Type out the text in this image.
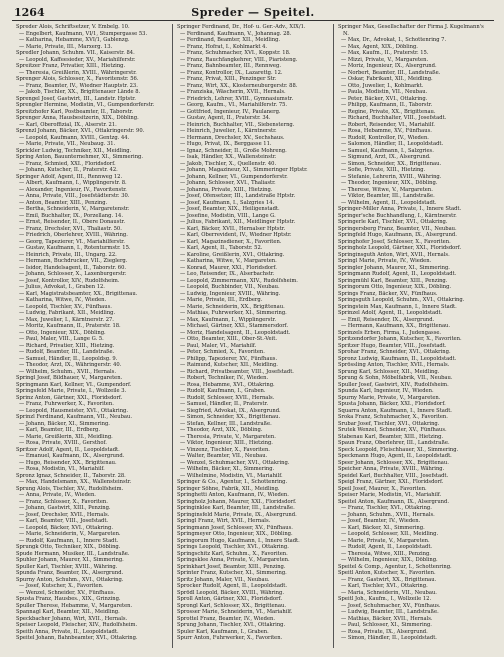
1264	Spreder — Speitel.
Spreder Alois, Schriftsetzer, V. Embelg. 10.
— Engelbert, Kaufmann, VI/1, Stumpergasse 53.
— Katharina, Hebamme, XVI/1, Gablenzg.
— Marie, Private, III., Marxerg. 13.
Spredler Johann, Schuhm. VII., Kaiserstr. 84.
— Leopold, Kaffeesieder, XV., Mariahilferstr.
Spreitzer Franz, Privatier, XIII., Hietzing.
— Theresia, Greißlerin, XVIII., Währingerstr.
Sprenger Alois, Schlosser, X., Favoritenstr. 56.
— Franz, Beamter, IV., Wiedner Hauptstr. 23.
— Jakob, Tischler, XX., Brigittenauer Lände 8.
Sprengel Josef, Gastwirt, III., Landstr. Hptstr.
Sprengler Hermine, Modistin, VI., Gumpendorferstr.
Spreitzhofer Karl, Postbeamter, II., Taborstr.
Sprenger Anna, Hausbesitzerin, XIX., Döbling.
— Karl, Oberoffizial, IX., Alserstr. 21.
Sprenzl Johann, Bäcker, XVI., Ottakringerstr. 90.
— Leopold, Kaufmann, XVIII., Gentzg. 44.
— Marie, Private, VII., Neubaug. 31.
Sprickler Ludwig, Techniker, XII., Meidling.
Spring Anton, Bauunternehmer, XI., Simmering.
— Franz, Schmied, XXI., Floridsdorf.
— Johann, Kutscher, II., Praterstr. 42.
Springer Adolf, Agent, III., Rennweg 12.
— Albert, Kaufmann, I., Wipplingerstr. 8.
— Alexander, Ingenieur, IV., Favoritenstr.
— Anna, Private, VIII., Josefstädterstr. 30.
— Anton, Beamter, XIII., Penzing.
— Bertha, Schneiderin, V., Margaretenstr.
— Emil, Buchhalter, IX., Porzellang. 14.
— Ernst, Reisender, II., Obere Donaustr.
— Franz, Drechsler, XVI., Thaliastr. 50.
— Friedrich, Oberlehrer, XVIII., Währing.
— Georg, Tapezierer, VI., Mariahilferstr.
— Gustav, Kaufmann, I., Rotenturmstr. 15.
— Heinrich, Private, III., Ungarg. 22.
— Hermann, Buchdrucker, VII., Zieglerg.
— Isidor, Handelsagent, II., Taborstr. 60.
— Johann, Schlosser, X., Laxenburgerstr.
— Josef, Kontrollor, XIV., Rudolfsheim.
— Julius, Advokat, I., Graben 12.
— Karl, Magistratsbeamter, XX., Brigittenau.
— Katharina, Witwe, IV., Wieden.
— Leopold, Tischler, XV., Fünfhaus.
— Ludwig, Fabrikant, XII., Meidling.
— Max, Juwelier, I., Kärntnerstr. 27.
— Moritz, Kaufmann, II., Praterstr. 18.
— Otto, Ingenieur, XIX., Döbling.
— Paul, Maler, VIII., Lange G. 5.
— Richard, Privatier, XIII., Hietzing.
— Rudolf, Beamter, III., Landstraße.
— Samuel, Händler, II., Leopoldsg. 9.
— Theodor, Arzt, IX., Währingerstr. 40.
— Wilhelm, Schuhm., XVII., Hernals.
Springl Josef, Bildhauer, V., Margareten.
Springmann Karl, Kellner, VI., Gumpendorf.
Springsfeld Marie, Private, I., Wollzeile 3.
Sprinz Anton, Gärtner, XXI., Floridsdorf.
— Franz, Fuhrwerker, X., Favoriten.
— Leopold, Hausmeister, XVI., Ottakring.
Sprinzl Ferdinand, Kaufmann, VII., Neubau.
— Johann, Bäcker, XI., Simmering.
— Karl, Beamter, III., Erdberg.
— Marie, Greißlerin, XII., Meidling.
— Rosa, Private, XVIII., Gersthof.
Spritzer Adolf, Agent, II., Leopoldstadt.
— Emanuel, Kaufmann, IX., Alsergrund.
— Hugo, Reisender, XX., Brigittenau.
— Rosa, Modistin, VI., Mariahilf.
Spronz Ignaz, Schneider, II., Taborstr. 28.
— Max, Handelsmann, XX., Wallensteinstr.
Sprung Alois, Tischler, XV., Rudolfsheim.
— Anna, Private, IV., Wieden.
— Franz, Schlosser, X., Favoriten.
— Johann, Gastwirt, XIII., Penzing.
— Josef, Drechsler, XVII., Hernals.
— Karl, Beamter, VIII., Josefstadt.
— Leopold, Bäcker, XVI., Ottakring.
— Marie, Schneiderin, V., Margareten.
— Rudolf, Kaufmann, I., Innere Stadt.
Sprungk Otto, Techniker, XIX., Döbling.
Spude Hermann, Musiker, III., Landstraße.
Spuhler Johann, Maurer, XI., Simmering.
Spuller Karl, Tischler, XVIII., Währing.
Spunda Franz, Beamter, IX., Alsergrund.
Spurny Anton, Schuhm., XVI., Ottakring.
— Josef, Kutscher, X., Favoriten.
— Wenzel, Schneider, XV., Fünfhaus.
Spusta Franz, Hausbes., XIX., Grinzing.
Spuller Therese, Hebamme, V., Margareten.
Spannagl Karl, Beamter, XII., Meidling.
Speckbacher Johann, Wirt, XVII., Hernals.
Speiser Leopold, Fleischer, XIV., Rudolfsheim.
Speith Anna, Private, II., Leopoldstadt.
Speitel Johann, Bahnbeamter, XVI., Ottakring.
Springer Ferdinand, Dr., Hof- u. Ger.-Adv., XIX/1.
— Ferdinand, Kaufmann, V., Johannag. 28.
— Ferdinand, Beamter, XII., Meidling.
— Franz, Hofrat, I., Kohlmarkt 4.
— Franz, Schuhmacher, XVI., Koppstr. 18.
— Franz, Rauchfangkehrer, VIII., Piaristeng.
— Franz, Bahnbeamter, III., Rennweg.
— Franz, Kontrollor, IX., Lazarettg. 12.
— Franz, Privat, XIII., Penzinger Str.
— Franz, Wirt, XX., Klosterneuburgerstr. 88.
— Franziska, Wäscherin, XVII., Hernals.
— Friedrich, Lehrer, XVIII., Gymnasiumstr.
— Georg, Kaufm., VI., Mariahilferstr. 75.
— Gottfried, Ingenieur, IV., Paulanerg.
— Gustav, Agent, II., Praterstr. 34.
— Heinrich, Buchhalter, VII., Siebensterng.
— Heinrich, Juwelier, I., Kärntnerstr.
— Hermann, Drechsler, XV., Sechshaus.
— Hugo, Privat, IX., Berggasse 11.
— Ignaz, Schneider, II., Große Mohreng.
— Isak, Händler, XX., Wallensteinstr.
— Jakob, Tischler, X., Quellenstr. 40.
— Johann, Magazineur, XI., Simmeringer Hptstr.
— Johann, Kellner, VI., Gumpendorferstr.
— Johann, Schlosser, XVI., Thaliastr.
— Johanna, Private, XIII., Hietzing.
— Josef, Ofensetzer, III., Landstraße Hptstr.
— Josef, Kaufmann, I., Salzgries 14.
— Josef, Beamter, XIX., Heiligenstadt.
— Josefine, Modistin, VIII., Lange G.
— Julius, Fabrikant, XII., Meidlinger Hptstr.
— Karl, Bäcker, XVII., Hernalser Hptstr.
— Karl, Oberrevident, IV., Wiedner Hptstr.
— Karl, Magazinsdiener, X., Favoriten.
— Karl, Agent, II., Taborstr. 52.
— Karoline, Greißlerin, XVI., Ottakring.
— Katharina, Witwe, V., Margareten.
— Konrad, Maurer, XXI., Floridsdorf.
— Leo, Reisender, IX., Alserbachstr.
— Leopold, Zimmermann, XIV., Rudolfsheim.
— Leopold, Buchbinder, VII., Neubau.
— Ludwig, Ingenieur, XVIII., Währing.
— Marie, Private, III., Erdberg.
— Marie, Schneiderin, XX., Brigittenau.
— Mathias, Fuhrwerker, XI., Simmering.
— Max, Kaufmann, I., Wipplingerstr.
— Michael, Gärtner, XXI., Stammersdorf.
— Moriz, Handelsagent, II., Leopoldstadt.
— Otto, Beamter, XIII., Ober-St.-Veit.
— Paul, Maler, VI., Mariahilf.
— Peter, Schmied, X., Favoriten.
— Philipp, Tapezierer, XV., Fünfhaus.
— Raimund, Kutscher, XII., Meidling.
— Richard, Privatbeamter, VIII., Josefstadt.
— Robert, Techniker, IV., Wieden.
— Rosa, Hebamme, XVI., Ottakring.
— Rudolf, Kaufmann, I., Graben.
— Rudolf, Schlosser, XVII., Hernals.
— Samuel, Händler, II., Praterstr.
— Siegfried, Advokat, IX., Alsergrund.
— Simon, Schneider, XX., Brigittenau.
— Stefan, Kellner, III., Landstraße.
— Theodor, Arzt, XIX., Döbling.
— Theresia, Private, V., Margareten.
— Viktor, Ingenieur, XIII., Hietzing.
— Vinzenz, Tischler, X., Favoriten.
— Walter, Beamter, VII., Neubau.
— Wenzel, Schuhmacher, XVI., Ottakring.
— Wilhelm, Bäcker, XI., Simmering.
— Wilhelmine, Modistin, VI., Mariahilf.
Springer & Co., Agentur, I., Schottenring.
Springer Söhne, Fabrik, XII., Meidling.
Springhetti Anton, Kaufmann, IV., Wieden.
Springholz Johann, Maurer, XXI., Floridsdorf.
Springinklee Karl, Beamter, III., Landstraße.
Springinsfeld Marie, Private, IX., Alsergrund.
Springl Franz, Wirt, XVII., Hernals.
Springmann Josef, Schlosser, XV., Fünfhaus.
Springmeyer Otto, Ingenieur, XIX., Döbling.
Springorum Hugo, Kaufmann, I., Innere Stadt.
Springs Leopold, Tischler, XVI., Ottakring.
Springschitz Karl, Schuhm., X., Favoriten.
Springsklee Anna, Private, V., Margareten.
Sprinkhart Josef, Beamter, XIII., Penzing.
Sprinter Franz, Kutscher, XI., Simmering.
Spritz Johann, Maler, VII., Neubau.
Sprocker Rudolf, Agent, II., Leopoldstadt.
Sprödl Leopold, Bäcker, XVIII., Währing.
Sproll Anton, Gärtner, XXI., Floridsdorf.
Sprongl Karl, Schlosser, XX., Brigittenau.
Sprosser Marie, Schneiderin, VI., Mariahilf.
Sprottel Franz, Beamter, IV., Wieden.
Sprung Johann, Tischler, XVI., Ottakring.
Spuler Karl, Kaufmann, I., Graben.
Spurr Anton, Fuhrwerker, X., Favoriten.
Springer Max, Gesellschafter der Firma J. Kugelmann's N.
— Max, Dr., Advokat, I., Schottenring 7.
— Max, Agent, XIX., Döbling.
— Max, Kaufm., II., Praterstr. 15.
— Mizzi, Private, V., Margareten.
— Moriz, Ingenieur, IX., Alsergrund.
— Norbert, Beamter, III., Landstraße.
— Oskar, Fabrikant, XII., Meidling.
— Otto, Juwelier, I., Kohlmarkt.
— Paula, Modistin, VII., Neubau.
— Peter, Bäcker, XVI., Ottakring.
— Philipp, Kaufmann, II., Taborstr.
— Regine, Private, XX., Brigittenau.
— Richard, Buchhalter, VIII., Josefstadt.
— Robert, Reisender, VI., Mariahilf.
— Rosa, Hebamme, XV., Fünfhaus.
— Rudolf, Kontrollor, IV., Wieden.
— Salomon, Händler, II., Leopoldstadt.
— Samuel, Kaufmann, I., Salzgries.
— Sigmund, Arzt, IX., Alsergrund.
— Simon, Schneider, XX., Brigittenau.
— Sofie, Private, XIII., Hietzing.
— Stefanie, Lehrerin, XVIII., Währing.
— Theodor, Ingenieur, XIX., Döbling.
— Therese, Witwe, V., Margareten.
— Viktor, Beamter, III., Landstraße.
— Wilhelm, Agent, II., Leopoldstadt.
Springer-Miller Anna, Private, I., Innere Stadt.
Springer'sche Buchhandlung, I., Kärntnerstr.
Springerle Karl, Tischler, XVI., Ottakring.
Springersberg Franz, Beamter, VII., Neubau.
Springfeld Hugo, Kaufmann, IX., Alsergrund.
Springhofer Josef, Schlosser, X., Favoriten.
Springholz Leopold, Gärtner, XXI., Floridsdorf.
Springinsguth Anton, Wirt, XVII., Hernals.
Springl Marie, Private, IV., Wieden.
Springler Johann, Maurer, XI., Simmering.
Springmann Rudolf, Agent, II., Leopoldstadt.
Springmühl Karl, Beamter, XIII., Penzing.
Springorum Otto, Ingenieur, XIX., Döbling.
Springs Franz, Bäcker, XV., Fünfhaus.
Springsguth Leopold, Schuhm., XVI., Ottakring.
Springstein Max, Kaufmann, I., Innere Stadt.
Sprinzel Adolf, Agent, II., Leopoldstadt.
— Emil, Reisender, IX., Alsergrund.
— Hermann, Kaufmann, XX., Brigittenau.
Sprinzels Erben, Firma, I., Judengasse.
Spritzendorfer Johann, Kutscher, X., Favoriten.
Spritzer Hugo, Beamter, VIII., Josefstadt.
Sprohar Franz, Schneider, XVI., Ottakring.
Spronz Ludwig, Kaufmann, II., Leopoldstadt.
Sprössling Anton, Tischler, XVII., Hernals.
Sprung Karl, Schlosser, XII., Meidling.
Sprung & Sohn, Möbelfabrik, VII., Neubau.
Spuller Josef, Gastwirt, XIV., Rudolfsheim.
Spunda Karl, Ingenieur, IV., Wieden.
Spurny Marie, Private, V., Margareten.
Spusta Johann, Bäcker, XXI., Floridsdorf.
Squarra Anton, Kaufmann, I., Innere Stadt.
Sroka Franz, Schuhmacher, X., Favoriten.
Srubar Josef, Tischler, XVI., Ottakring.
Srutek Wenzel, Schneider, XV., Fünfhaus.
Stabenau Karl, Beamter, XIII., Hietzing.
Spaun Franz, Oberlehrer, III., Landstraße.
Speck Leopold, Fleischhauer, XI., Simmering.
Speckmann Hugo, Agent, II., Leopoldstadt.
Speer Johann, Schlosser, XX., Brigittenau.
Speicher Anna, Private, XVIII., Währing.
Speidel Karl, Buchhalter, VIII., Josefstadt.
Speigl Franz, Gärtner, XXI., Floridsdorf.
Speil Josef, Maurer, X., Favoriten.
Speiser Marie, Modistin, VI., Mariahilf.
Speitel Anton, Kaufmann, IX., Alsergrund.
— Franz, Tischler, XVI., Ottakring.
— Johann, Schuhm., XVII., Hernals.
— Josef, Beamter, IV., Wieden.
— Karl, Bäcker, XI., Simmering.
— Leopold, Schlosser, XII., Meidling.
— Marie, Private, V., Margareten.
— Rudolf, Agent, II., Leopoldstadt.
— Theresia, Witwe, XIII., Penzing.
— Wilhelm, Ingenieur, XIX., Döbling.
Speitel & Comp., Agentur, I., Schottenring.
Speitl Anton, Kutscher, X., Favoriten.
— Franz, Gastwirt, XX., Brigittenau.
— Karl, Tischler, XVI., Ottakring.
— Maria, Schneiderin, VII., Neubau.
Speitl Joh., Kaufm., I., Wollzeile 12.
— Josef, Schuhmacher, XV., Fünfhaus.
— Ludwig, Beamter, III., Landstraße.
— Mathias, Bäcker, XVII., Hernals.
— Paul, Schlosser, XI., Simmering.
— Rosa, Private, IX., Alsergrund.
— Simon, Händler, II., Leopoldstadt.
